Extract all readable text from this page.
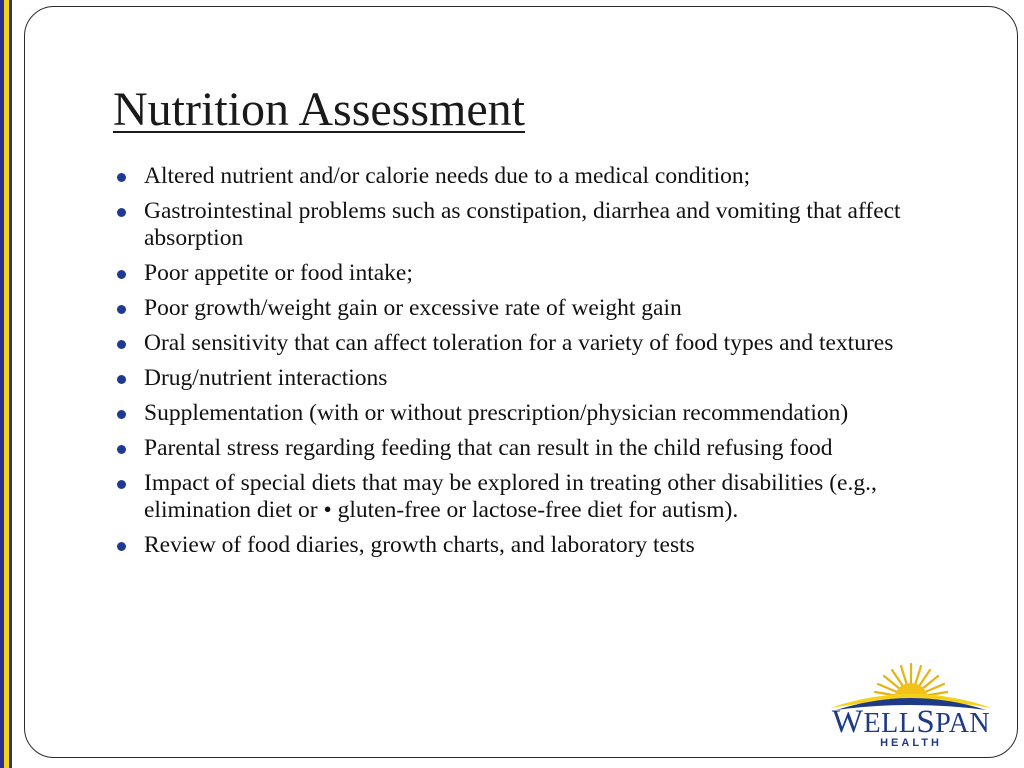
Nutrition Assessment
Altered nutrient and/or calorie needs due to a medical condition;
Gastrointestinal problems such as constipation, diarrhea and vomiting that affect absorption
Poor appetite or food intake;
Poor growth/weight gain or excessive rate of weight gain
Oral sensitivity that can affect toleration for a variety of food types and textures
Drug/nutrient interactions
Supplementation (with or without prescription/physician recommendation)
Parental stress regarding feeding that can result in the child refusing food
Impact of special diets that may be explored in treating other disabilities (e.g., elimination diet or • gluten-free or lactose-free diet for autism).
Review of food diaries, growth charts, and laboratory tests
WELLSPAN
HEALTH
